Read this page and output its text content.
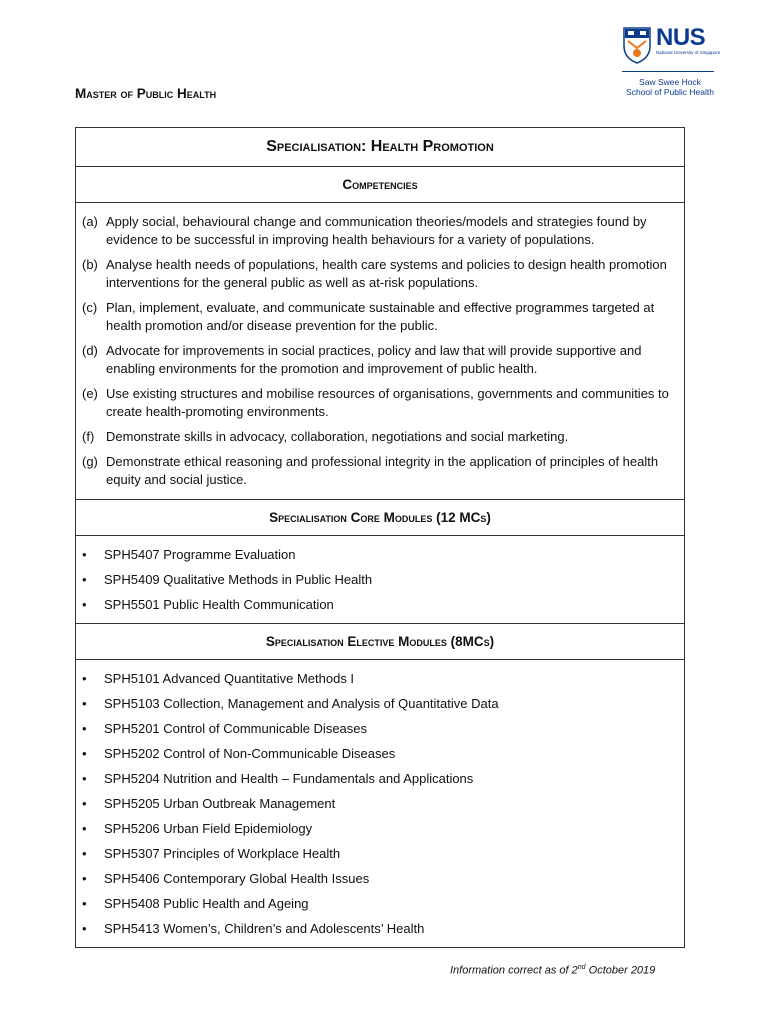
NUS
National University of Singapore
Saw Swee Hock
School of Public Health
Master of Public Health
Specialisation: Health Promotion
Competencies
(a) Apply social, behavioural change and communication theories/models and strategies found by evidence to be successful in improving health behaviours for a variety of populations.
(b) Analyse health needs of populations, health care systems and policies to design health promotion interventions for the general public as well as at-risk populations.
(c) Plan, implement, evaluate, and communicate sustainable and effective programmes targeted at health promotion and/or disease prevention for the public.
(d) Advocate for improvements in social practices, policy and law that will provide supportive and enabling environments for the promotion and improvement of public health.
(e) Use existing structures and mobilise resources of organisations, governments and communities to create health-promoting environments.
(f) Demonstrate skills in advocacy, collaboration, negotiations and social marketing.
(g) Demonstrate ethical reasoning and professional integrity in the application of principles of health equity and social justice.
Specialisation Core Modules (12 MCs)
•	SPH5407 Programme Evaluation
•	SPH5409 Qualitative Methods in Public Health
•	SPH5501 Public Health Communication
Specialisation Elective Modules (8MCs)
•	SPH5101 Advanced Quantitative Methods I
•	SPH5103 Collection, Management and Analysis of Quantitative Data
•	SPH5201 Control of Communicable Diseases
•	SPH5202 Control of Non-Communicable Diseases
•	SPH5204 Nutrition and Health – Fundamentals and Applications
•	SPH5205 Urban Outbreak Management
•	SPH5206 Urban Field Epidemiology
•	SPH5307 Principles of Workplace Health
•	SPH5406 Contemporary Global Health Issues
•	SPH5408 Public Health and Ageing
•	SPH5413 Women’s, Children’s and Adolescents’ Health
Information correct as of 2nd October 2019
